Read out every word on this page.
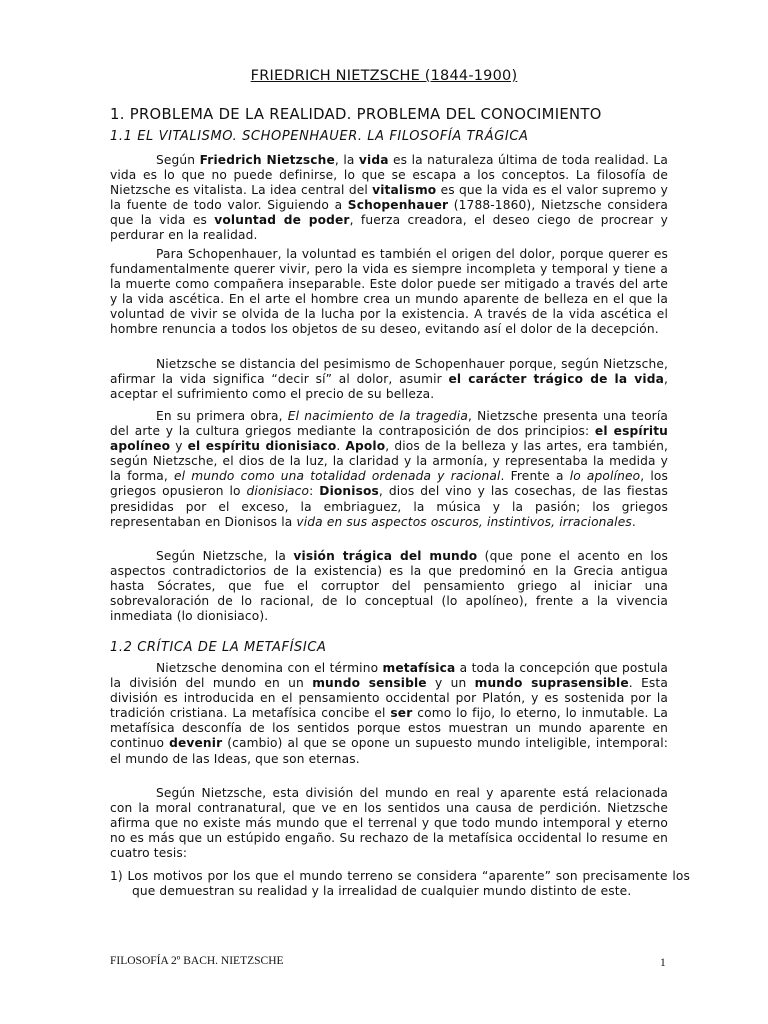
FRIEDRICH NIETZSCHE (1844-1900)
1. PROBLEMA DE LA REALIDAD. PROBLEMA DEL CONOCIMIENTO
1.1 EL VITALISMO. SCHOPENHAUER. LA FILOSOFÍA TRÁGICA

Según Friedrich Nietzsche, la vida es la naturaleza última de toda realidad. La vida es lo que no puede definirse, lo que se escapa a los conceptos. La filosofía de Nietzsche es vitalista. La idea central del vitalismo es que la vida es el valor supremo y la fuente de todo valor. Siguiendo a Schopenhauer (1788-1860), Nietzsche considera que la vida es voluntad de poder, fuerza creadora, el deseo ciego de procrear y perdurar en la realidad.

Para Schopenhauer, la voluntad es también el origen del dolor, porque querer es fundamentalmente querer vivir, pero la vida es siempre incompleta y temporal y tiene a la muerte como compañera inseparable. Este dolor puede ser mitigado a través del arte y la vida ascética. En el arte el hombre crea un mundo aparente de belleza en el que la voluntad de vivir se olvida de la lucha por la existencia. A través de la vida ascética el hombre renuncia a todos los objetos de su deseo, evitando así el dolor de la decepción.

Nietzsche se distancia del pesimismo de Schopenhauer porque, según Nietzsche, afirmar la vida significa “decir sí” al dolor, asumir el carácter trágico de la vida, aceptar el sufrimiento como el precio de su belleza.

En su primera obra, El nacimiento de la tragedia, Nietzsche presenta una teoría del arte y la cultura griegos mediante la contraposición de dos principios: el espíritu apolíneo y el espíritu dionisiaco. Apolo, dios de la belleza y las artes, era también, según Nietzsche, el dios de la luz, la claridad y la armonía, y representaba la medida y la forma, el mundo como una totalidad ordenada y racional. Frente a lo apolíneo, los griegos opusieron lo dionisiaco: Dionisos, dios del vino y las cosechas, de las fiestas presididas por el exceso, la embriaguez, la música y la pasión; los griegos representaban en Dionisos la vida en sus aspectos oscuros, instintivos, irracionales.

Según Nietzsche, la visión trágica del mundo (que pone el acento en los aspectos contradictorios de la existencia) es la que predominó en la Grecia antigua hasta Sócrates, que fue el corruptor del pensamiento griego al iniciar una sobrevaloración de lo racional, de lo conceptual (lo apolíneo), frente a la vivencia inmediata (lo dionisiaco).

1.2 CRÍTICA DE LA METAFÍSICA

Nietzsche denomina con el término metafísica a toda la concepción que postula la división del mundo en un mundo sensible y un mundo suprasensible. Esta división es introducida en el pensamiento occidental por Platón, y es sostenida por la tradición cristiana. La metafísica concibe el ser como lo fijo, lo eterno, lo inmutable. La metafísica desconfía de los sentidos porque estos muestran un mundo aparente en continuo devenir (cambio) al que se opone un supuesto mundo inteligible, intemporal: el mundo de las Ideas, que son eternas.

Según Nietzsche, esta división del mundo en real y aparente está relacionada con la moral contranatural, que ve en los sentidos una causa de perdición. Nietzsche afirma que no existe más mundo que el terrenal y que todo mundo intemporal y eterno no es más que un estúpido engaño. Su rechazo de la metafísica occidental lo resume en cuatro tesis:

1) Los motivos por los que el mundo terreno se considera “aparente” son precisamente los que demuestran su realidad y la irrealidad de cualquier mundo distinto de este.

FILOSOFÍA 2º BACH. NIETZSCHE	1
